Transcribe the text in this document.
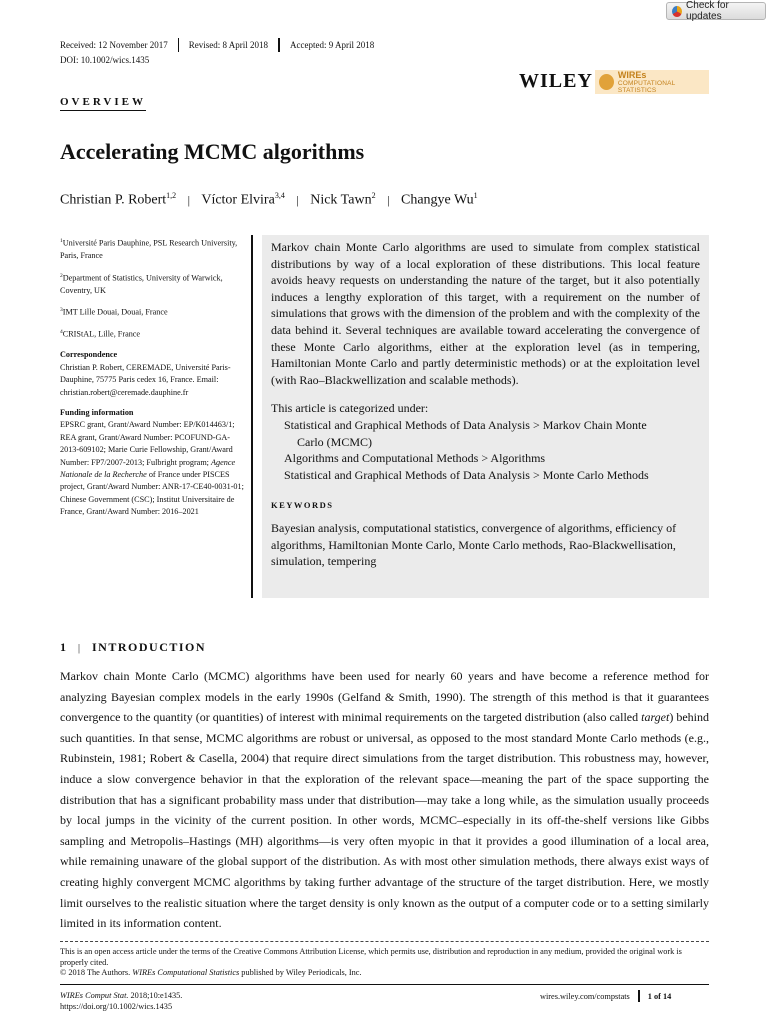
Check for updates
Received: 12 November 2017	Revised: 8 April 2018	Accepted: 9 April 2018
DOI: 10.1002/wics.1435
WILEY	WIREs
COMPUTATIONAL STATISTICS
OVERVIEW
Accelerating MCMC algorithms
Christian P. Robert$^{1,2}$ | Víctor Elvira$^{3,4}$ | Nick Tawn$^2$ | Changye Wu$^1$

$^1$Université Paris Dauphine, PSL Research University, Paris, France

$^2$Department of Statistics, University of Warwick, Coventry, UK

$^3$IMT Lille Douai, Douai, France

$^4$CRIStAL, Lille, France

Correspondence

Christian P. Robert, CEREMADE, Université Paris-Dauphine, 75775 Paris cedex 16, France. Email: christian.robert@ceremade.dauphine.fr

Funding information

EPSRC grant, Grant/Award Number: EP/K014463/1; REA grant, Grant/Award Number: PCOFUND-GA-2013-609102; Marie Curie Fellowship, Grant/Award Number: FP7/2007-2013; Fulbright program; Agence Nationale de la Recherche of France under PISCES project, Grant/Award Number: ANR-17-CE40-0031-01; Chinese Government (CSC); Institut Universitaire de France, Grant/Award Number: 2016–2021

Markov chain Monte Carlo algorithms are used to simulate from complex statistical distributions by way of a local exploration of these distributions. This local feature avoids heavy requests on understanding the nature of the target, but it also potentially induces a lengthy exploration of this target, with a requirement on the number of simulations that grows with the dimension of the problem and with the complexity of the data behind it. Several techniques are available toward accelerating the convergence of these Monte Carlo algorithms, either at the exploration level (as in tempering, Hamiltonian Monte Carlo and partly deterministic methods) or at the exploitation level (with Rao–Blackwellization and scalable methods).

This article is categorized under:

Statistical and Graphical Methods of Data Analysis > Markov Chain Monte

Carlo (MCMC)

Algorithms and Computational Methods > Algorithms

Statistical and Graphical Methods of Data Analysis > Monte Carlo Methods

KEYWORDS

Bayesian analysis, computational statistics, convergence of algorithms, efficiency of algorithms, Hamiltonian Monte Carlo, Monte Carlo methods, Rao-Blackwellisation, simulation, tempering

1 | INTRODUCTION

Markov chain Monte Carlo (MCMC) algorithms have been used for nearly 60 years and have become a reference method for analyzing Bayesian complex models in the early 1990s (Gelfand & Smith, 1990). The strength of this method is that it guarantees convergence to the quantity (or quantities) of interest with minimal requirements on the targeted distribution (also called target) behind such quantities. In that sense, MCMC algorithms are robust or universal, as opposed to the most standard Monte Carlo methods (e.g., Rubinstein, 1981; Robert & Casella, 2004) that require direct simulations from the target distribution. This robustness may, however, induce a slow convergence behavior in that the exploration of the relevant space—meaning the part of the space supporting the distribution that has a significant probability mass under that distribution—may take a long while, as the simulation usually proceeds by local jumps in the vicinity of the current position. In other words, MCMC–especially in its off-the-shelf versions like Gibbs sampling and Metropolis–Hastings (MH) algorithms—is very often myopic in that it provides a good illumination of a local area, while remaining unaware of the global support of the distribution. As with most other simulation methods, there always exist ways of creating highly convergent MCMC algorithms by taking further advantage of the structure of the target distribution. Here, we mostly limit ourselves to the realistic situation where the target density is only known as the output of a computer code or to a setting similarly limited in its information content.

This is an open access article under the terms of the Creative Commons Attribution License, which permits use, distribution and reproduction in any medium, provided the original work is properly cited.

© 2018 The Authors. WIREs Computational Statistics published by Wiley Periodicals, Inc.

WIREs Comput Stat. 2018;10:e1435.
https://doi.org/10.1002/wics.1435
wires.wiley.com/compstats 1 of 14
